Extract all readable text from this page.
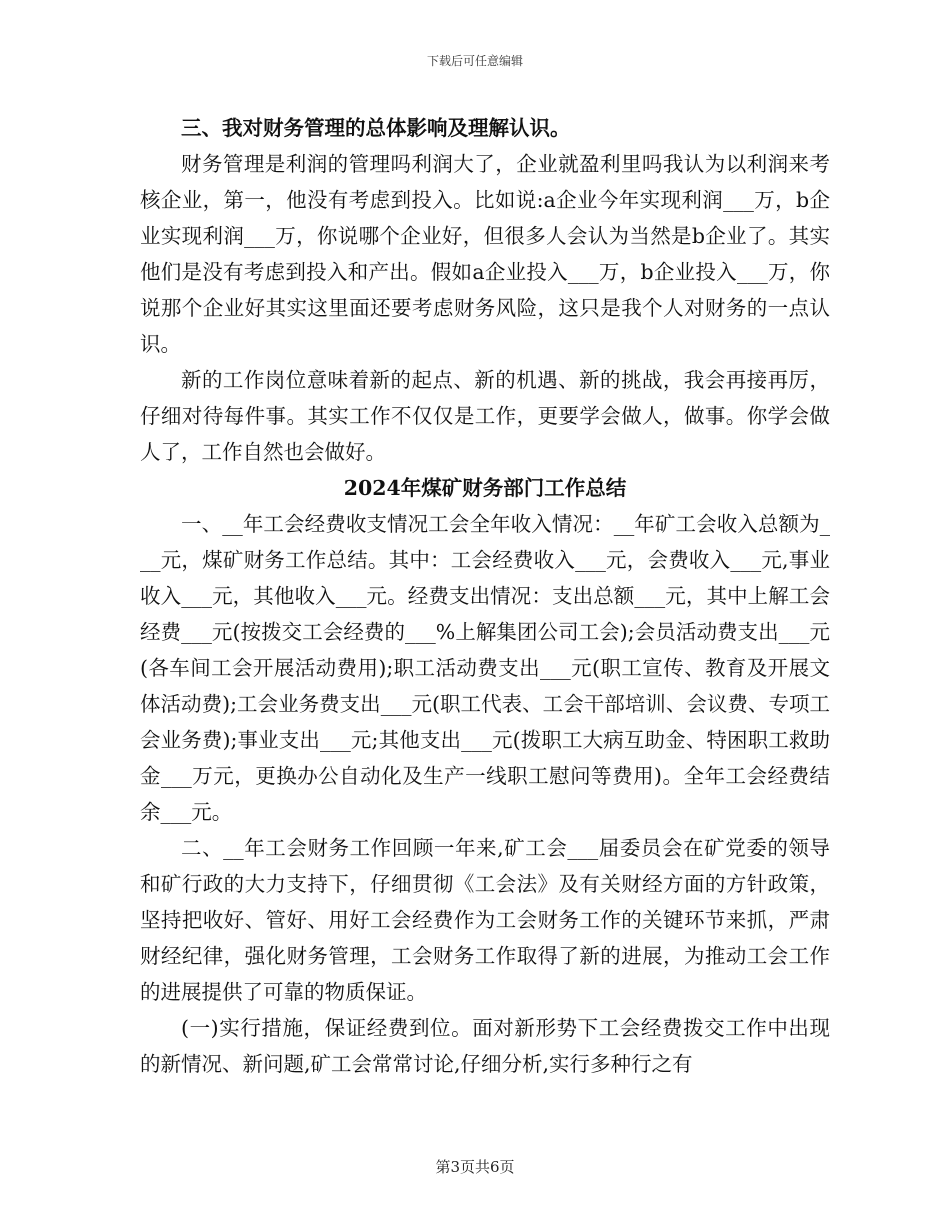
下载后可任意编辑

三、我对财务管理的总体影响及理解认识。

财务管理是利润的管理吗利润大了，企业就盈利里吗我认为以利润来考核企业，第一，他没有考虑到投入。比如说:a企业今年实现利润___万，b企业实现利润___万，你说哪个企业好，但很多人会认为当然是b企业了。其实他们是没有考虑到投入和产出。假如a企业投入___万，b企业投入___万，你说那个企业好其实这里面还要考虑财务风险，这只是我个人对财务的一点认识。

新的工作岗位意味着新的起点、新的机遇、新的挑战，我会再接再厉，仔细对待每件事。其实工作不仅仅是工作，更要学会做人，做事。你学会做人了，工作自然也会做好。

2024年煤矿财务部门工作总结

一、__年工会经费收支情况工会全年收入情况：__年矿工会收入总额为___元，煤矿财务工作总结。其中：工会经费收入___元，会费收入___元,事业收入___元，其他收入___元。经费支出情况：支出总额___元，其中上解工会经费___元(按拨交工会经费的___%上解集团公司工会);会员活动费支出___元(各车间工会开展活动费用);职工活动费支出___元(职工宣传、教育及开展文体活动费);工会业务费支出___元(职工代表、工会干部培训、会议费、专项工会业务费);事业支出___元;其他支出___元(拨职工大病互助金、特困职工救助金___万元，更换办公自动化及生产一线职工慰问等费用)。全年工会经费结余___元。

二、__年工会财务工作回顾一年来,矿工会___届委员会在矿党委的领导和矿行政的大力支持下，仔细贯彻《工会法》及有关财经方面的方针政策，坚持把收好、管好、用好工会经费作为工会财务工作的关键环节来抓，严肃财经纪律，强化财务管理，工会财务工作取得了新的进展，为推动工会工作的进展提供了可靠的物质保证。

(一)实行措施，保证经费到位。面对新形势下工会经费拨交工作中出现的新情况、新问题,矿工会常常讨论,仔细分析,实行多种行之有

第3页共6页
